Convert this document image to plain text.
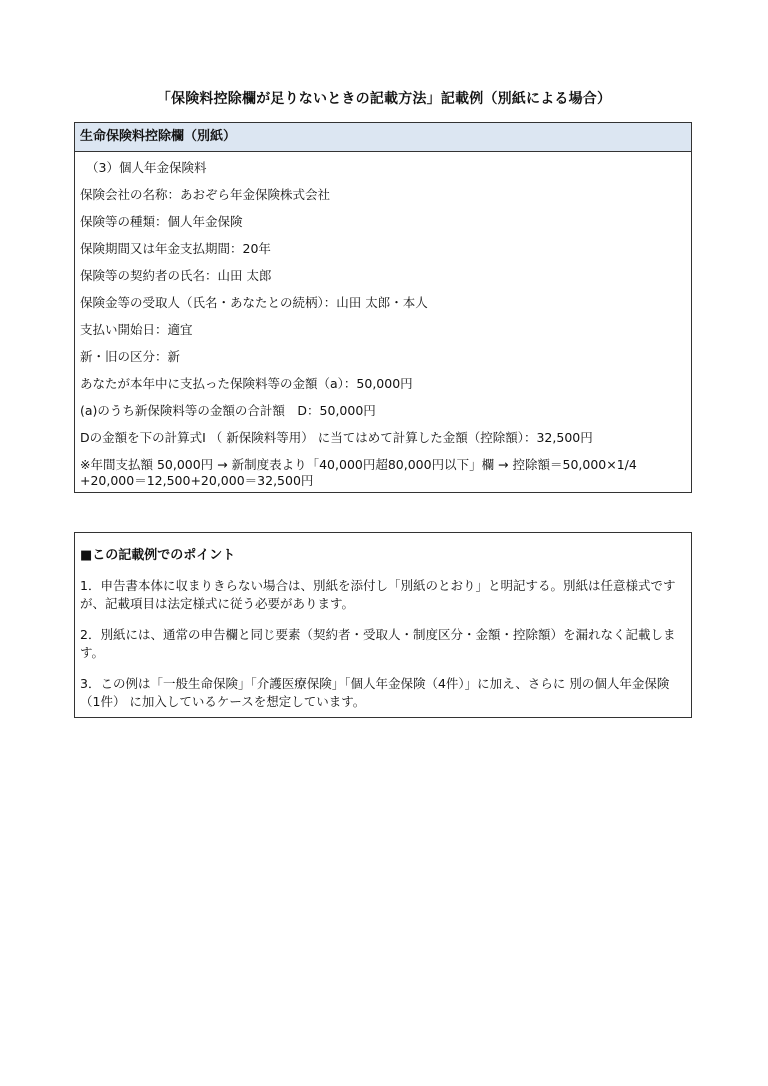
「保険料控除欄が足りないときの記載方法」記載例（別紙による場合）
生命保険料控除欄（別紙）
（3）個人年金保険料
保険会社の名称：あおぞら年金保険株式会社
保険等の種類：個人年金保険
保険期間又は年金支払期間：20年
保険等の契約者の氏名：山田 太郎
保険金等の受取人（氏名・あなたとの続柄）：山田 太郎・本人
支払い開始日：適宜
新・旧の区分：新
あなたが本年中に支払った保険料等の金額（a）：50,000円
(a)のうち新保険料等の金額の合計額　D：50,000円
Dの金額を下の計算式Ⅰ （ 新保険料等用） に当てはめて計算した金額（控除額）：32,500円
※年間支払額 50,000円 → 新制度表より「40,000円超80,000円以下」欄 → 控除額＝50,000×1/4 +20,000＝12,500+20,000＝32,500円
■この記載例でのポイント
1．申告書本体に収まりきらない場合は、別紙を添付し「別紙のとおり」と明記する。別紙は任意様式ですが、記載項目は法定様式に従う必要があります。
2．別紙には、通常の申告欄と同じ要素（契約者・受取人・制度区分・金額・控除額）を漏れなく記載します。
3．この例は「一般生命保険」「介護医療保険」「個人年金保険（4件）」に加え、さらに 別の個人年金保険（1件） に加入しているケースを想定しています。
